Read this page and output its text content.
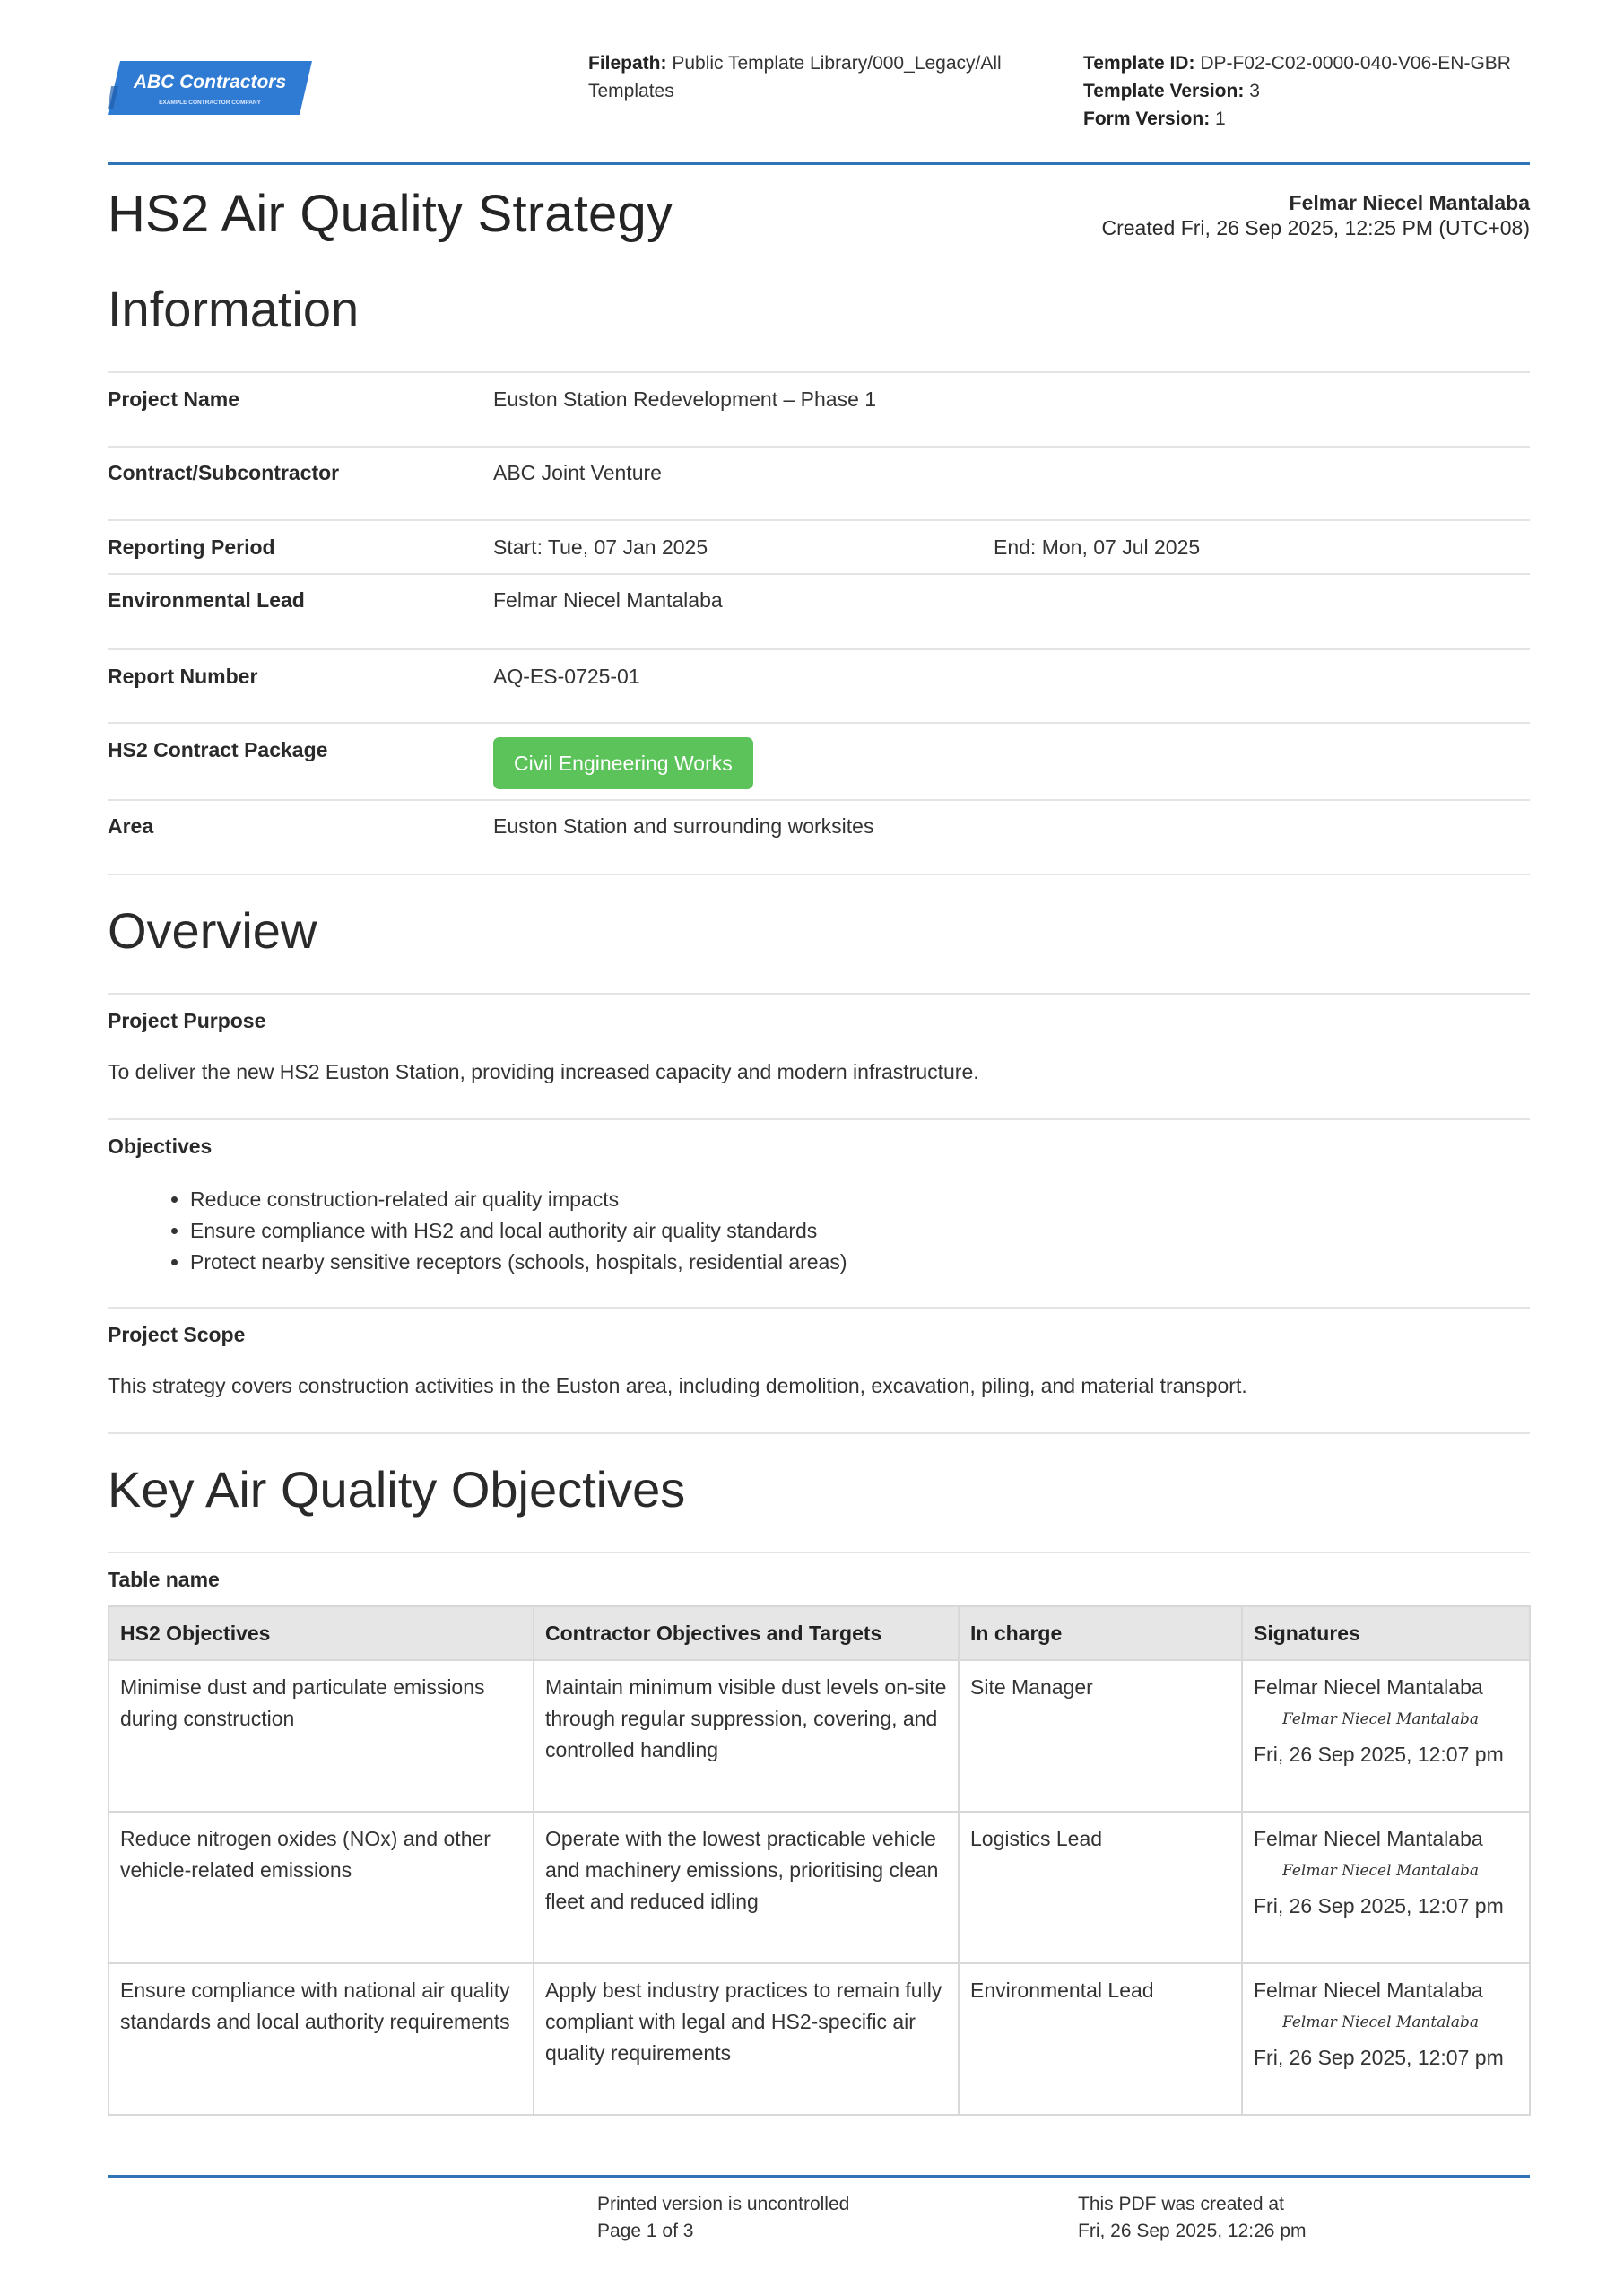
ABC Contractors
EXAMPLE CONTRACTOR COMPANY
Filepath: Public Template Library/000_Legacy/All Templates
Template ID: DP-F02-C02-0000-040-V06-EN-GBR
Template Version: 3
Form Version: 1
HS2 Air Quality Strategy	Felmar Niecel Mantalaba
Created Fri, 26 Sep 2025, 12:25 PM (UTC+08)
Information
Project Name	Euston Station Redevelopment – Phase 1
Contract/Subcontractor	ABC Joint Venture
Reporting Period	Start: Tue, 07 Jan 2025	End: Mon, 07 Jul 2025
Environmental Lead	Felmar Niecel Mantalaba
Report Number	AQ-ES-0725-01
HS2 Contract Package
Civil Engineering Works
Area	Euston Station and surrounding worksites
Overview
Project Purpose
To deliver the new HS2 Euston Station, providing increased capacity and modern infrastructure.
Objectives
• Reduce construction-related air quality impacts
• Ensure compliance with HS2 and local authority air quality standards
• Protect nearby sensitive receptors (schools, hospitals, residential areas)
Project Scope
This strategy covers construction activities in the Euston area, including demolition, excavation, piling, and material transport.
Key Air Quality Objectives
Table name
HS2 Objectives	Contractor Objectives and Targets	In charge	Signatures
Minimise dust and particulate emissions during construction	Maintain minimum visible dust levels on-site through regular suppression, covering, and controlled handling	Site Manager	Felmar Niecel Mantalaba
Felmar Niecel Mantalaba
Fri, 26 Sep 2025, 12:07 pm

Reduce nitrogen oxides (NOx) and other vehicle-related emissions	Operate with the lowest practicable vehicle and machinery emissions, prioritising clean fleet and reduced idling	Logistics Lead	Felmar Niecel Mantalaba
Felmar Niecel Mantalaba
Fri, 26 Sep 2025, 12:07 pm

Ensure compliance with national air quality standards and local authority requirements	Apply best industry practices to remain fully compliant with legal and HS2-specific air quality requirements	Environmental Lead	Felmar Niecel Mantalaba
Felmar Niecel Mantalaba
Fri, 26 Sep 2025, 12:07 pm
Printed version is uncontrolled
Page 1 of 3
This PDF was created at
Fri, 26 Sep 2025, 12:26 pm
